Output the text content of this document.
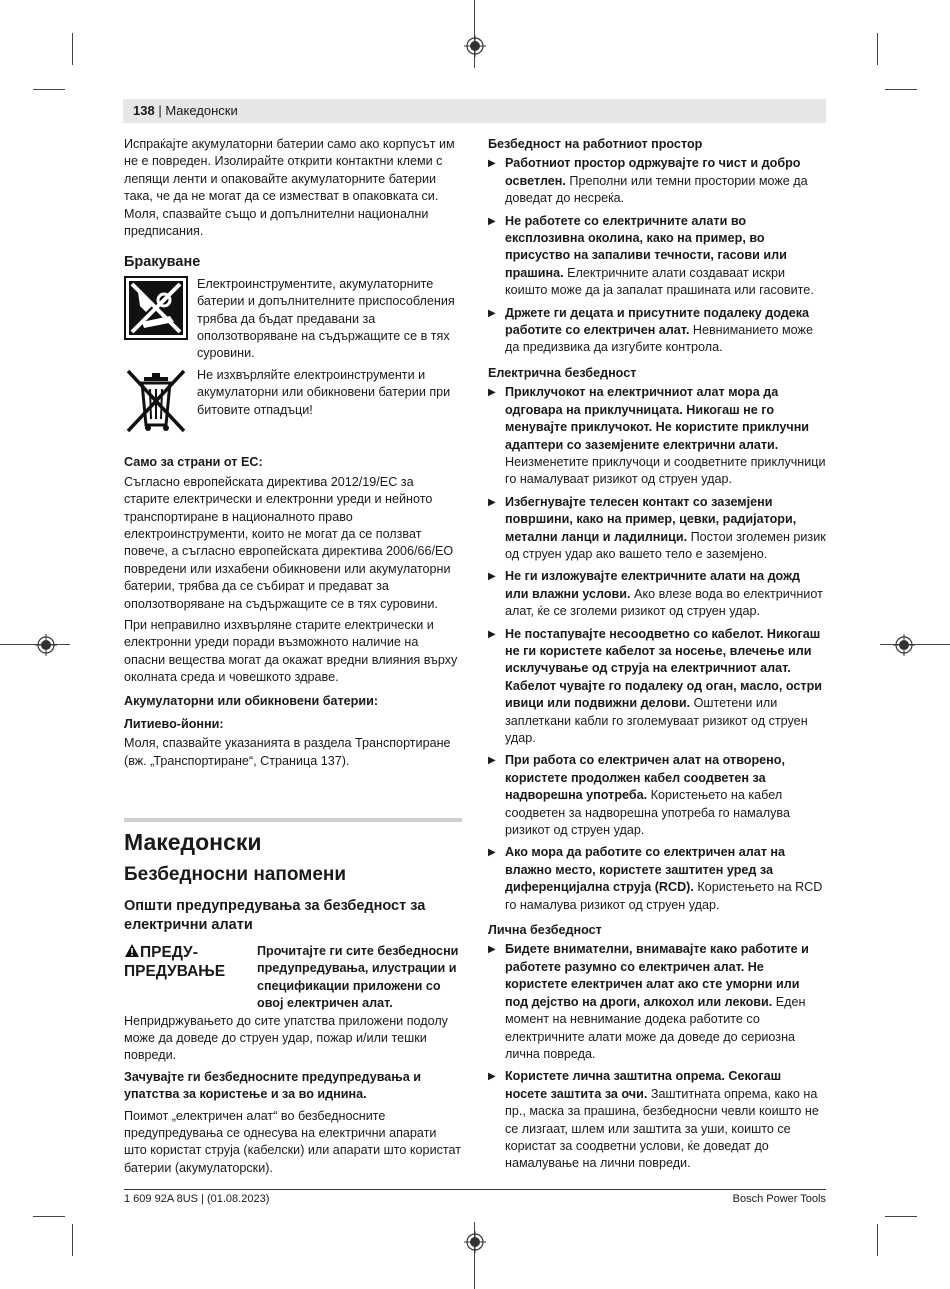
138 | Македонски

Испраќајте акумулаторни батерии само ако корпусът им не е повреден. Изолирайте открити контактни клеми с лепящи ленти и опаковайте акумулаторните батерии така, че да не могат да се изместват в опаковката си. Моля, спазвайте също и допълнителни национални предписания.

Бракуване

Електроинструментите, акумулаторните батерии и допълнителните приспособления трябва да бъдат предавани за оползотворяване на съдържащите се в тях суровини.

Не изхвърляйте електроинструменти и акумулаторни или обикновени батерии при битовите отпадъци!

Само за страни от ЕС:

Съгласно европейската директива 2012/19/ЕС за старите електрически и електронни уреди и нейното транспортиране в националното право електроинструменти, които не могат да се ползват повече, а съгласно европейската директива 2006/66/ЕО повредени или изхабени обикновени или акумулаторни батерии, трябва да се събират и предават за оползотворяване на съдържащите се в тях суровини.

При неправилно изхвърляне старите електрически и електронни уреди поради възможното наличие на опасни вещества могат да окажат вредни влияния върху околната среда и човешкото здраве.

Акумулаторни или обикновени батерии:
Литиево-йонни:

Моля, спазвайте указанията в раздела Транспортиране (вж. „Транспортиране“, Страница 137).

Македонски
Безбедносни напомени
Општи предупредувања за безбедност за електрични алати
ПРЕДУ-ПРЕДУВАЊЕ
Прочитајте ги сите безбедносни предупредувања, илустрации и спецификации приложени со овој електричен алат.

Непридржувањето до сите упатства приложени подолу може да доведе до струен удар, пожар и/или тешки повреди.

Зачувајте ги безбедносните предупредувања и упатства за користење и за во иднина.

Поимот „електричен алат“ во безбедносните предупредувања се однесува на електрични апарати што користат струја (кабелски) или апарати што користат батерии (акумулаторски).

Безбедност на работниот простор
▶ Работниот простор одржувајте го чист и добро осветлен. Преполни или темни простории може да доведат до несреќа.
▶ Не работете со електричните алати во експлозивна околина, како на пример, во присуство на запаливи течности, гасови или прашина. Електричните алати создаваат искри коишто може да ја запалат прашината или гасовите.
▶ Држете ги децата и присутните подалеку додека работите со електричен алат. Невниманието може да предизвика да изгубите контрола.
Електрична безбедност
▶ Приклучокот на електричниот алат мора да одговара на приклучницата. Никогаш не го менувајте приклучокот. Не користите приклучни адаптери со заземјените електрични алати. Неизменетите приклучоци и соодветните приклучници го намалуваат ризикот од струен удар.
▶ Избегнувајте телесен контакт со заземјени површини, како на пример, цевки, радијатори, метални ланци и ладилници. Постои зголемен ризик од струен удар ако вашето тело е заземјено.
▶ Не ги изложувајте електричните алати на дожд или влажни услови. Ако влезе вода во електричниот алат, ќе се зголеми ризикот од струен удар.
▶ Не постапувајте несоодветно со кабелот. Никогаш не ги користете кабелот за носење, влечење или исклучување од струја на електричниот алат. Кабелот чувајте го подалеку од оган, масло, остри ивици или подвижни делови. Оштетени или заплеткани кабли го зголемуваат ризикот од струен удар.
▶ При работа со електричен алат на отворено, користете продолжен кабел соодветен за надворешна употреба. Користењето на кабел соодветен за надворешна употреба го намалува ризикот од струен удар.
▶ Ако мора да работите со електричен алат на влажно место, користете заштитен уред за диференцијална струја (RCD). Користењето на RCD го намалува ризикот од струен удар.
Лична безбедност
▶ Бидете внимателни, внимавајте како работите и работете разумно со електричен алат. Не користете електричен алат ако сте уморни или под дејство на дроги, алкохол или лекови. Еден момент на невнимание додека работите со електричните алати може да доведе до сериозна лична повреда.
▶ Користете лична заштитна опрема. Секогаш носете заштита за очи. Заштитната опрема, како на пр., маска за прашина, безбедносни чевли коишто не се лизгаат, шлем или заштита за уши, коишто се користат за соодветни услови, ќе доведат до намалување на лични повреди.
1 609 92A 8US | (01.08.2023)	Bosch Power Tools
